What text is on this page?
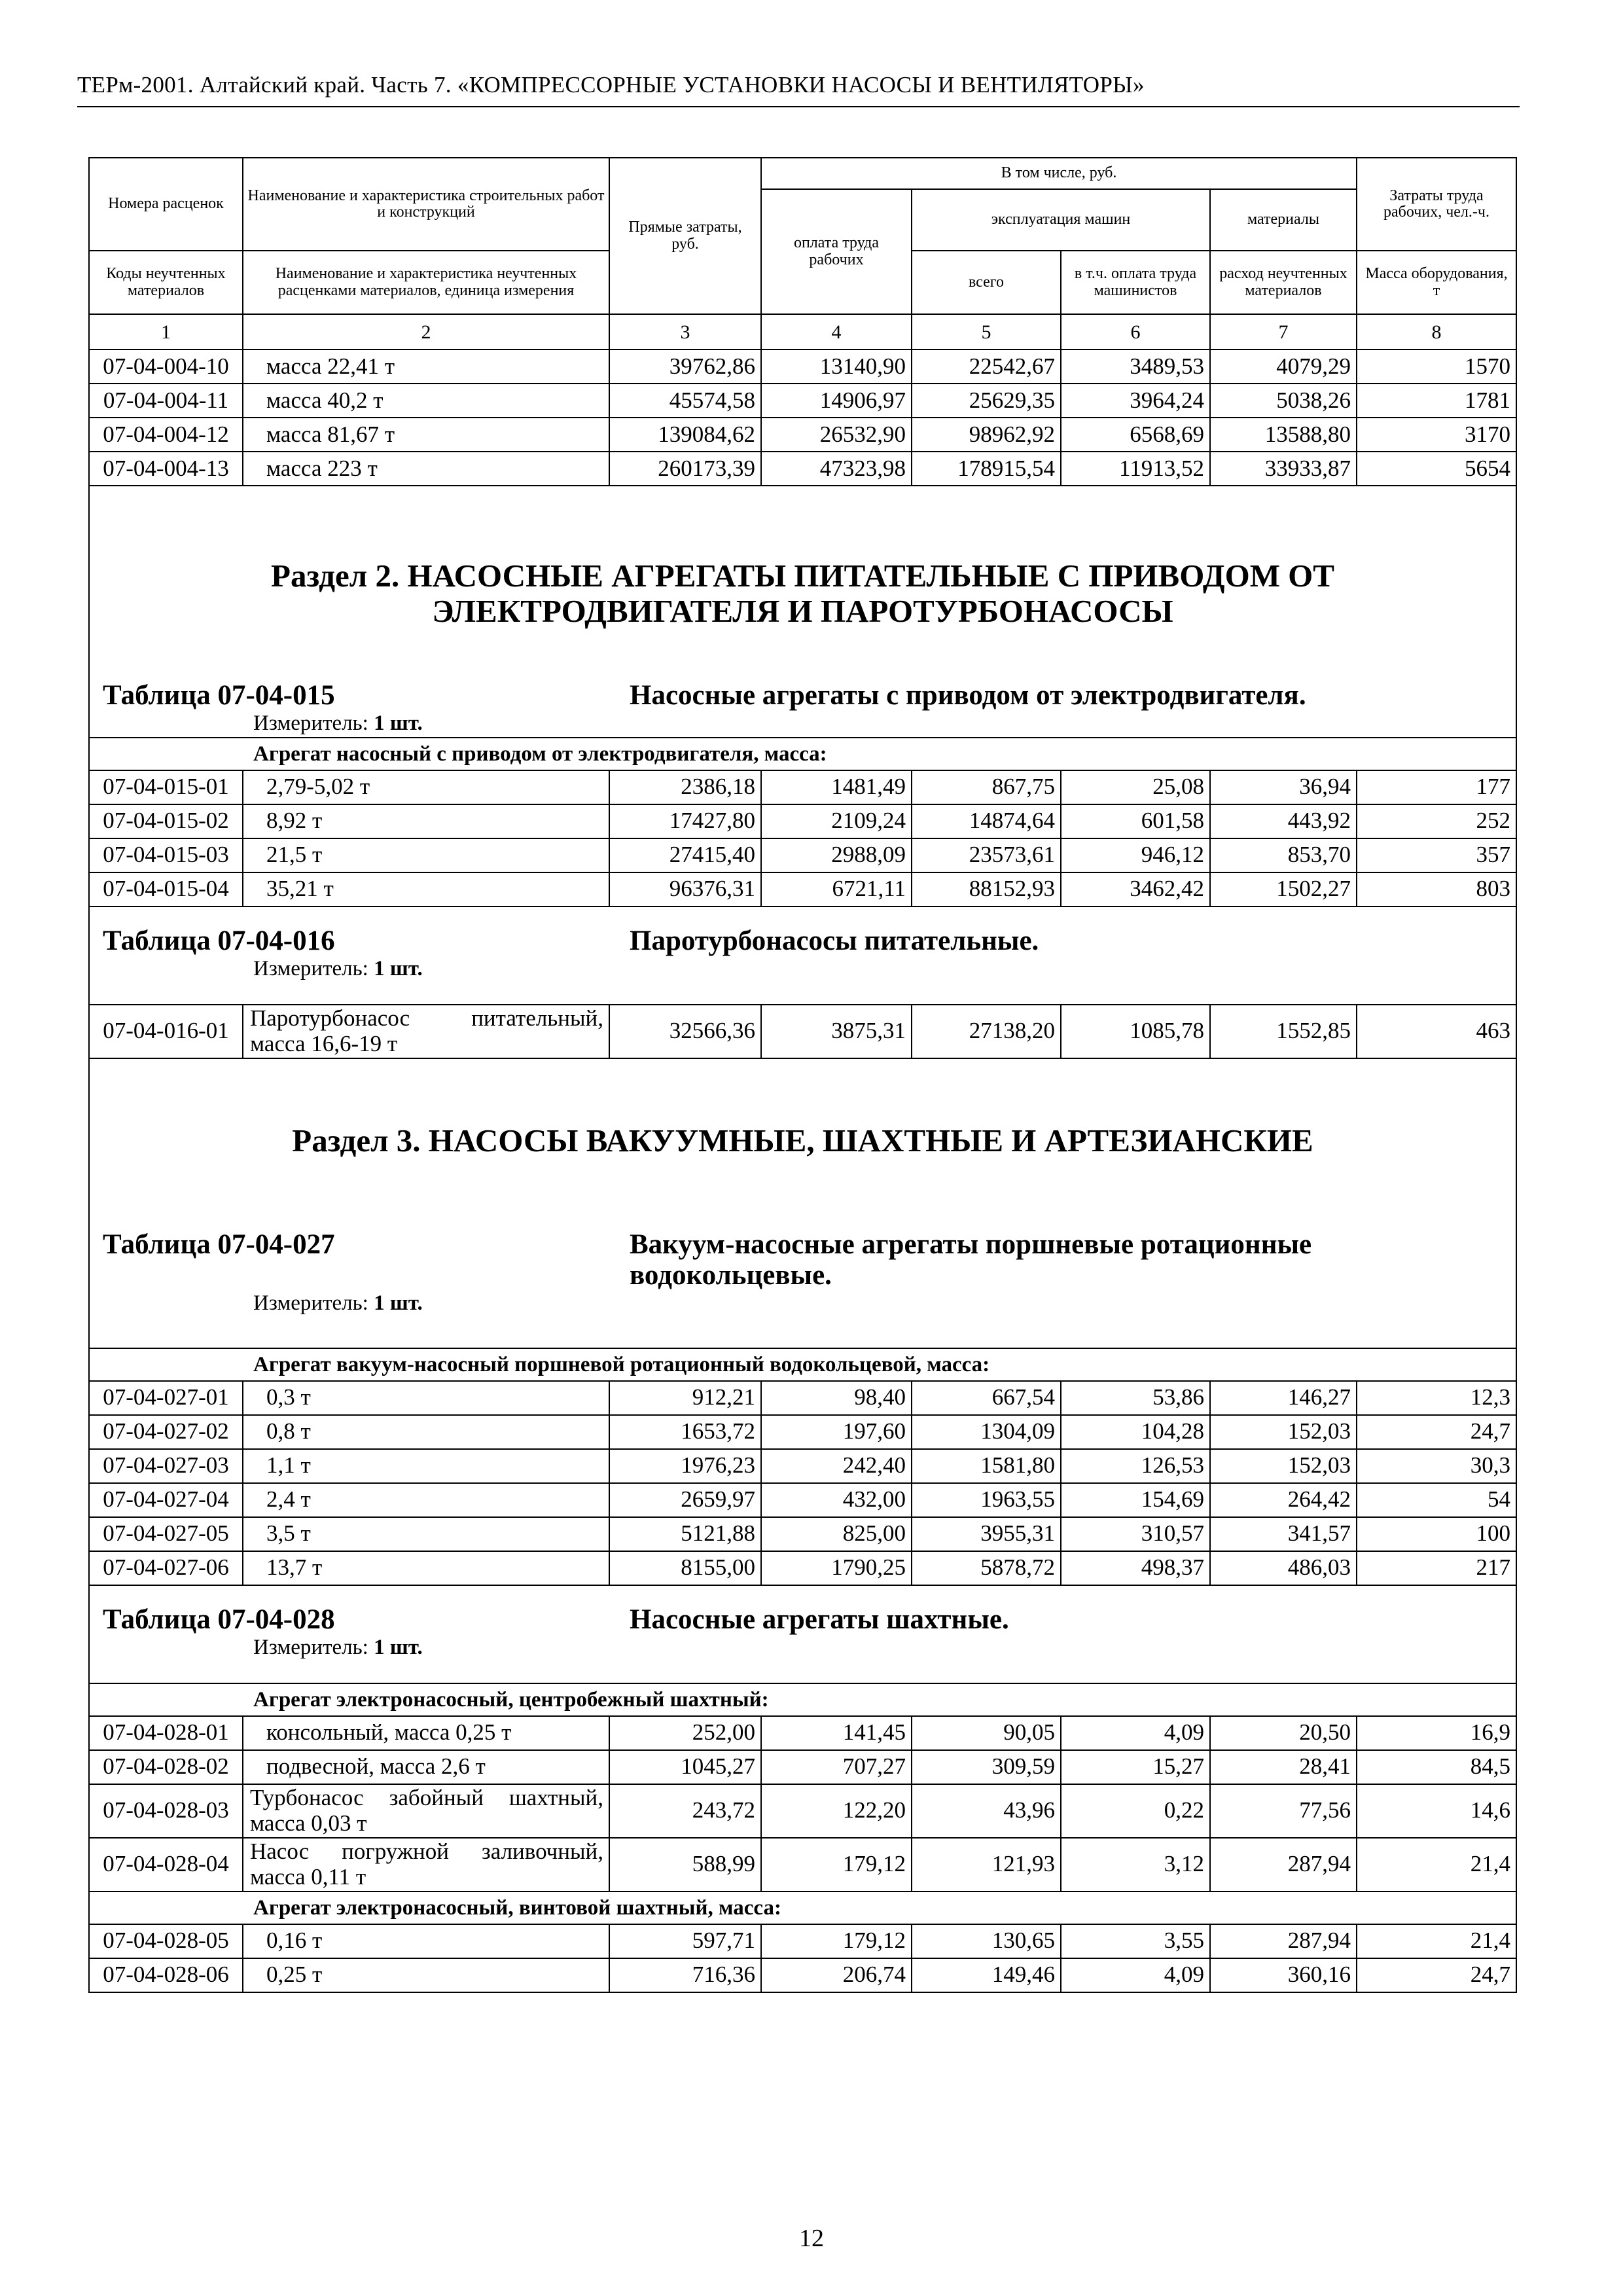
ТЕРм-2001. Алтайский край. Часть 7. «КОМПРЕССОРНЫЕ УСТАНОВКИ НАСОСЫ И ВЕНТИЛЯТОРЫ»
Номера расценок	Наименование и характеристика строительных работ и конструкций	Прямые затраты, руб.	В том числе, руб.				Затраты труда рабочих, чел.-ч.
			оплата труда рабочих	эксплуатация машин		материалы	
Коды неучтенных материалов	Наименование и характеристика неучтенных расценками материалов, единица измерения			всего	в т.ч. оплата труда машинистов	расход неучтенных материалов	Масса оборудования, т
1	2	3	4	5	6	7	8
07-04-004-10	масса 22,41 т	39762,86	13140,90	22542,67	3489,53	4079,29	1570
07-04-004-11	масса 40,2 т	45574,58	14906,97	25629,35	3964,24	5038,26	1781
07-04-004-12	масса 81,67 т	139084,62	26532,90	98962,92	6568,69	13588,80	3170
07-04-004-13	масса 223 т	260173,39	47323,98	178915,54	11913,52	33933,87	5654

Раздел 2. НАСОСНЫЕ АГРЕГАТЫ ПИТАТЕЛЬНЫЕ С ПРИВОДОМ ОТ
ЭЛЕКТРОДВИГАТЕЛЯ И ПАРОТУРБОНАСОСЫ
Таблица 07-04-015 Насосные агрегаты с приводом от электродвигателя.
Измеритель: 1 шт.							

Агрегат насосный с приводом от электродвигателя, масса:							
07-04-015-01	2,79-5,02 т	2386,18	1481,49	867,75	25,08	36,94	177
07-04-015-02	8,92 т	17427,80	2109,24	14874,64	601,58	443,92	252
07-04-015-03	21,5 т	27415,40	2988,09	23573,61	946,12	853,70	357
07-04-015-04	35,21 т	96376,31	6721,11	88152,93	3462,42	1502,27	803

Таблица 07-04-016 Паротурбонасосы питательные.
Измеритель: 1 шт.							

07-04-016-01	Паротурбонасос питательный, масса 16,6-19 т	32566,36	3875,31	27138,20	1085,78	1552,85	463

Раздел 3. НАСОСЫ ВАКУУМНЫЕ, ШАХТНЫЕ И АРТЕЗИАНСКИЕ
Таблица 07-04-027 Вакуум-насосные агрегаты поршневые ротационные водокольцевые.
Измеритель: 1 шт.							

Агрегат вакуум-насосный поршневой ротационный водокольцевой, масса:							
07-04-027-01	0,3 т	912,21	98,40	667,54	53,86	146,27	12,3
07-04-027-02	0,8 т	1653,72	197,60	1304,09	104,28	152,03	24,7
07-04-027-03	1,1 т	1976,23	242,40	1581,80	126,53	152,03	30,3
07-04-027-04	2,4 т	2659,97	432,00	1963,55	154,69	264,42	54
07-04-027-05	3,5 т	5121,88	825,00	3955,31	310,57	341,57	100
07-04-027-06	13,7 т	8155,00	1790,25	5878,72	498,37	486,03	217

Таблица 07-04-028 Насосные агрегаты шахтные.
Измеритель: 1 шт.							

Агрегат электронасосный, центробежный шахтный:							
07-04-028-01	консольный, масса 0,25 т	252,00	141,45	90,05	4,09	20,50	16,9
07-04-028-02	подвесной, масса 2,6 т	1045,27	707,27	309,59	15,27	28,41	84,5
07-04-028-03	Турбонасос забойный шахтный, масса 0,03 т	243,72	122,20	43,96	0,22	77,56	14,6
07-04-028-04	Насос погружной заливочный, масса 0,11 т	588,99	179,12	121,93	3,12	287,94	21,4
Агрегат электронасосный, винтовой шахтный, масса:							
07-04-028-05	0,16 т	597,71	179,12	130,65	3,55	287,94	21,4
07-04-028-06	0,25 т	716,36	206,74	149,46	4,09	360,16	24,7
12
